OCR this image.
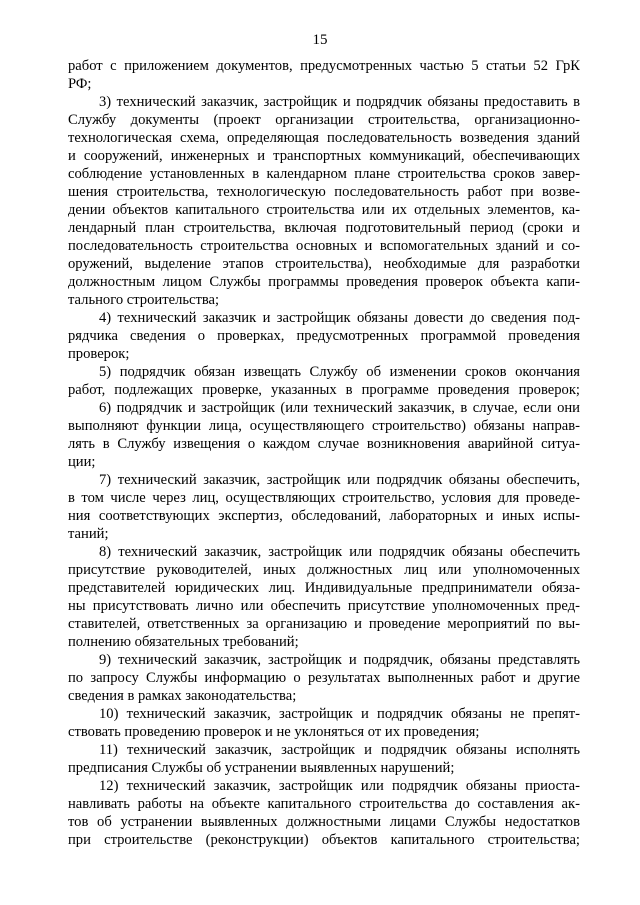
15
работ с приложением документов, предусмотренных частью 5 статьи 52 ГрК
РФ;
3) технический заказчик, застройщик и подрядчик обязаны предоставить в
Службу документы (проект организации строительства, организационно-
технологическая схема, определяющая последовательность возведения зданий
и сооружений, инженерных и транспортных коммуникаций, обеспечивающих
соблюдение установленных в календарном плане строительства сроков завер-
шения строительства, технологическую последовательность работ при возве-
дении объектов капитального строительства или их отдельных элементов, ка-
лендарный план строительства, включая подготовительный период (сроки и
последовательность строительства основных и вспомогательных зданий и со-
оружений, выделение этапов строительства), необходимые для разработки
должностным лицом Службы программы проведения проверок объекта капи-
тального строительства;
4) технический заказчик и застройщик обязаны довести до сведения под-
рядчика сведения о проверках, предусмотренных программой проведения
проверок;
5) подрядчик обязан извещать Службу об изменении сроков окончания
работ, подлежащих проверке, указанных в программе проведения проверок;
6) подрядчик и застройщик (или технический заказчик, в случае, если они
выполняют функции лица, осуществляющего строительство) обязаны направ-
лять в Службу извещения о каждом случае возникновения аварийной ситуа-
ции;
7) технический заказчик, застройщик или подрядчик обязаны обеспечить,
в том числе через лиц, осуществляющих строительство, условия для проведе-
ния соответствующих экспертиз, обследований, лабораторных и иных испы-
таний;
8) технический заказчик, застройщик или подрядчик обязаны обеспечить
присутствие руководителей, иных должностных лиц или уполномоченных
представителей юридических лиц. Индивидуальные предприниматели обяза-
ны присутствовать лично или обеспечить присутствие уполномоченных пред-
ставителей, ответственных за организацию и проведение мероприятий по вы-
полнению обязательных требований;
9) технический заказчик, застройщик и подрядчик, обязаны представлять
по запросу Службы информацию о результатах выполненных работ и другие
сведения в рамках законодательства;
10) технический заказчик, застройщик и подрядчик обязаны не препят-
ствовать проведению проверок и не уклоняться от их проведения;
11) технический заказчик, застройщик и подрядчик обязаны исполнять
предписания Службы об устранении выявленных нарушений;
12) технический заказчик, застройщик или подрядчик обязаны приоста-
навливать работы на объекте капитального строительства до составления ак-
тов об устранении выявленных должностными лицами Службы недостатков
при строительстве (реконструкции) объектов капитального строительства;
